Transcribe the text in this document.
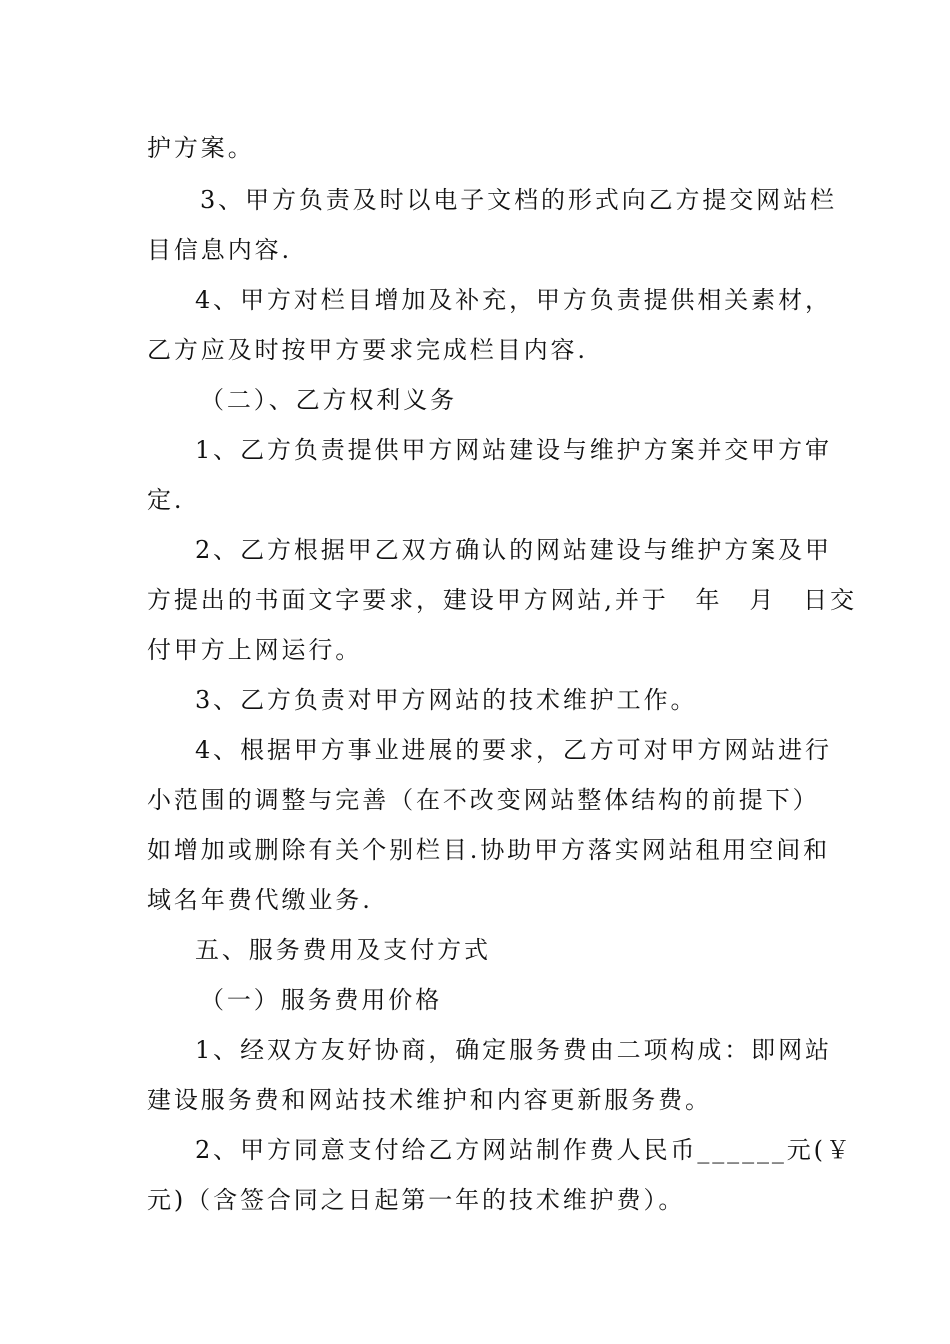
护方案。
3、甲方负责及时以电子文档的形式向乙方提交网站栏
目信息内容.
4、甲方对栏目增加及补充，甲方负责提供相关素材，
乙方应及时按甲方要求完成栏目内容.
（二）、乙方权利义务
1、乙方负责提供甲方网站建设与维护方案并交甲方审
定.
2、乙方根据甲乙双方确认的网站建设与维护方案及甲
方提出的书面文字要求，建设甲方网站,并于　年　月　日交
付甲方上网运行。
3、乙方负责对甲方网站的技术维护工作。
4、根据甲方事业进展的要求，乙方可对甲方网站进行
小范围的调整与完善（在不改变网站整体结构的前提下）
如增加或删除有关个别栏目.协助甲方落实网站租用空间和
域名年费代缴业务.
五、服务费用及支付方式
（一）服务费用价格
1、经双方友好协商，确定服务费由二项构成：即网站
建设服务费和网站技术维护和内容更新服务费。
2、甲方同意支付给乙方网站制作费人民币______元(￥
元)（含签合同之日起第一年的技术维护费）。
